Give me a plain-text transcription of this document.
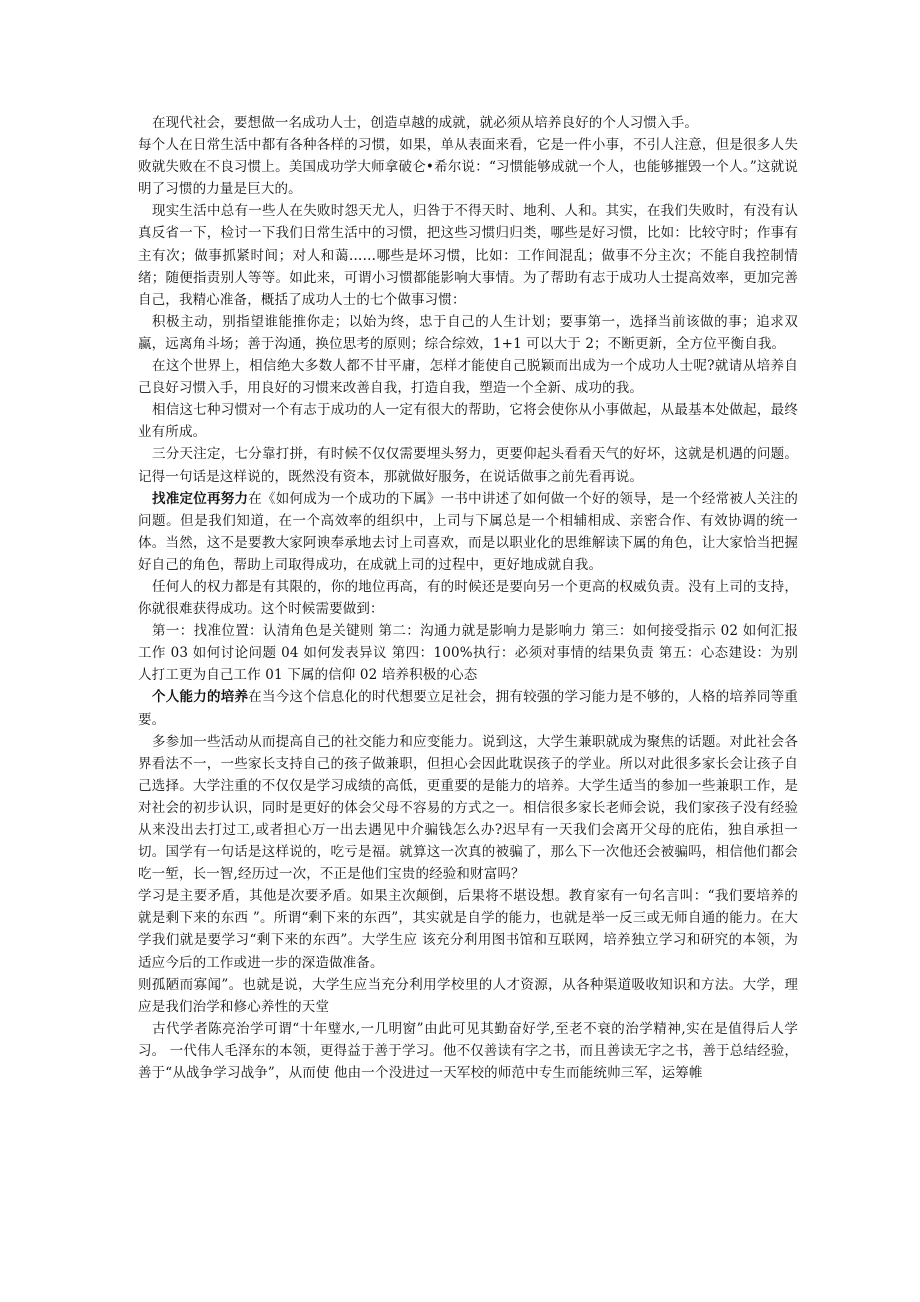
在现代社会，要想做一名成功人士，创造卓越的成就，就必须从培养良好的个人习惯入手。

每个人在日常生活中都有各种各样的习惯，如果，单从表面来看，它是一件小事，不引人注意，但是很多人失败就失败在不良习惯上。美国成功学大师拿破仑•希尔说：“习惯能够成就一个人，也能够摧毁一个人。”这就说明了习惯的力量是巨大的。

现实生活中总有一些人在失败时怨天尤人，归咎于不得天时、地利、人和。其实，在我们失败时，有没有认真反省一下，检讨一下我们日常生活中的习惯，把这些习惯归归类，哪些是好习惯，比如：比较守时；作事有主有次；做事抓紧时间；对人和蔼……哪些是坏习惯，比如：工作间混乱；做事不分主次；不能自我控制情绪；随便指责别人等等。如此来，可谓小习惯都能影响大事情。为了帮助有志于成功人士提高效率，更加完善自己，我精心准备，概括了成功人士的七个做事习惯：

积极主动，别指望谁能推你走；以始为终，忠于自己的人生计划；要事第一，选择当前该做的事；追求双赢，远离角斗场；善于沟通，换位思考的原则；综合综效，1+1 可以大于 2；不断更新，全方位平衡自我。

在这个世界上，相信绝大多数人都不甘平庸，怎样才能使自己脱颖而出成为一个成功人士呢?就请从培养自己良好习惯入手，用良好的习惯来改善自我，打造自我，塑造一个全新、成功的我。

相信这七种习惯对一个有志于成功的人一定有很大的帮助，它将会使你从小事做起，从最基本处做起，最终业有所成。

三分天注定，七分靠打拼，有时候不仅仅需要埋头努力，更要仰起头看看天气的好坏，这就是机遇的问题。记得一句话是这样说的，既然没有资本，那就做好服务，在说话做事之前先看再说。

找准定位再努力在《如何成为一个成功的下属》一书中讲述了如何做一个好的领导，是一个经常被人关注的问题。但是我们知道，在一个高效率的组织中，上司与下属总是一个相辅相成、亲密合作、有效协调的统一体。当然，这不是要教大家阿谀奉承地去讨上司喜欢，而是以职业化的思维解读下属的角色，让大家恰当把握好自己的角色，帮助上司取得成功，在成就上司的过程中，更好地成就自我。

任何人的权力都是有其限的，你的地位再高，有的时候还是要向另一个更高的权威负责。没有上司的支持，你就很难获得成功。这个时候需要做到：

第一：找准位置：认清角色是关键则 第二：沟通力就是影响力是影响力 第三：如何接受指示 02 如何汇报工作 03 如何讨论问题 04 如何发表异议 第四：100%执行：必须对事情的结果负责 第五：心态建设：为别人打工更为自己工作 01 下属的信仰 02 培养积极的心态

个人能力的培养在当今这个信息化的时代想要立足社会，拥有较强的学习能力是不够的，人格的培养同等重要。

多参加一些活动从而提高自己的社交能力和应变能力。说到这，大学生兼职就成为聚焦的话题。对此社会各界看法不一，一些家长支持自己的孩子做兼职，但担心会因此耽误孩子的学业。所以对此很多家长会让孩子自己选择。大学注重的不仅仅是学习成绩的高低，更重要的是能力的培养。大学生适当的参加一些兼职工作，是对社会的初步认识，同时是更好的体会父母不容易的方式之一。相信很多家长老师会说，我们家孩子没有经验从来没出去打过工,或者担心万一出去遇见中介骗钱怎么办?迟早有一天我们会离开父母的庇佑，独自承担一切。国学有一句话是这样说的，吃亏是福。就算这一次真的被骗了，那么下一次他还会被骗吗，相信他们都会吃一堑，长一智,经历过一次，不正是他们宝贵的经验和财富吗？

学习是主要矛盾，其他是次要矛盾。如果主次颠倒，后果将不堪设想。教育家有一句名言叫：“我们要培养的就是剩下来的东西 ”。所谓“剩下来的东西”，其实就是自学的能力，也就是举一反三或无师自通的能力。在大学我们就是要学习“剩下来的东西”。大学生应 该充分利用图书馆和互联网，培养独立学习和研究的本领，为适应今后的工作或进一步的深造做准备。

则孤陋而寡闻”。也就是说，大学生应当充分利用学校里的人才资源，从各种渠道吸收知识和方法。大学，理应是我们治学和修心养性的天堂

古代学者陈亮治学可谓“十年璧水,一几明窗”由此可见其勤奋好学,至老不衰的治学精神,实在是值得后人学习。 一代伟人毛泽东的本领，更得益于善于学习。他不仅善读有字之书，而且善读无字之书，善于总结经验，善于“从战争学习战争”，从而使 他由一个没进过一天军校的师范中专生而能统帅三军，运筹帷
